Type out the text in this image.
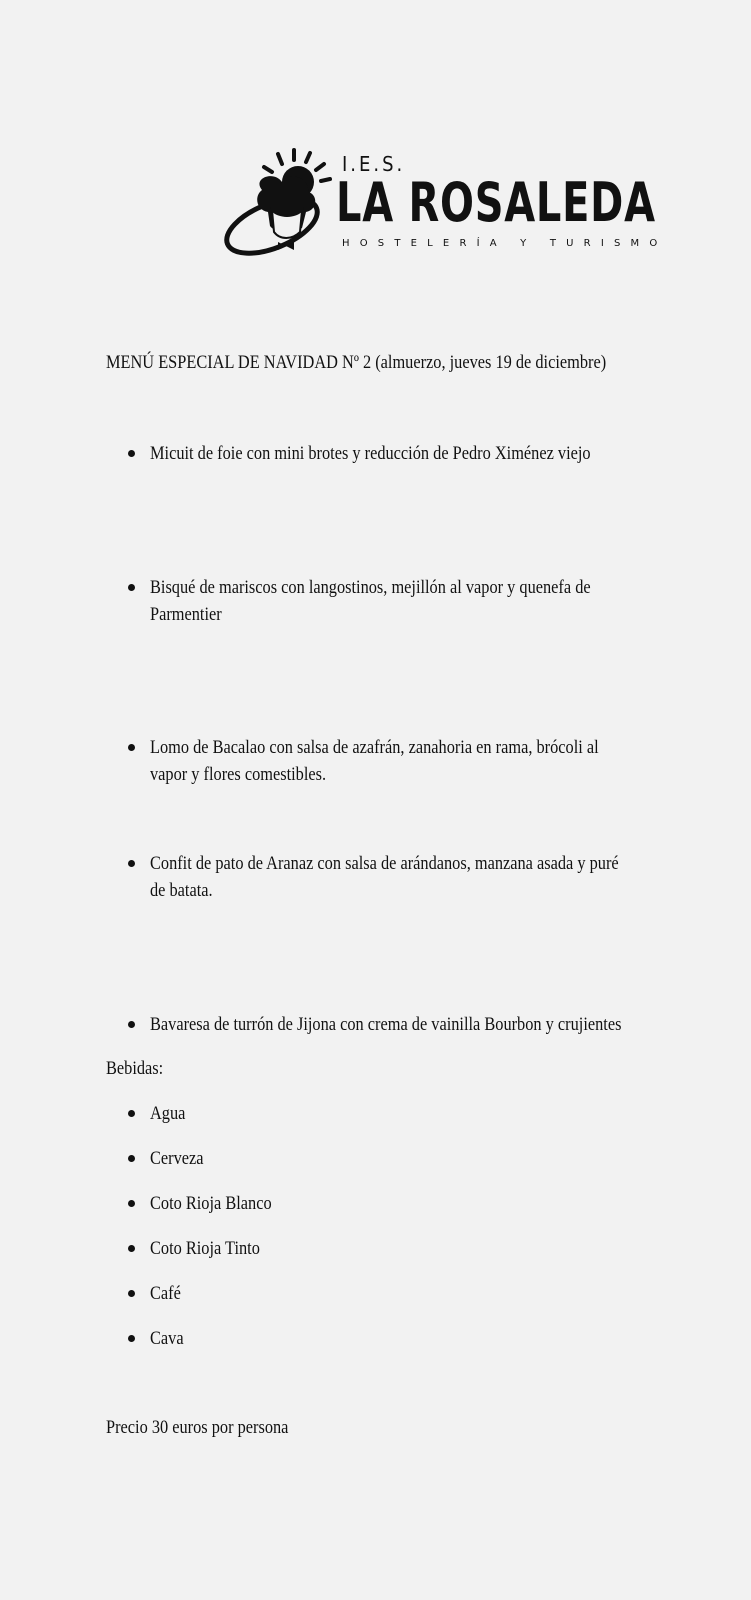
I.E.S.
LA ROSALEDA
HOSTELERÍA Y TURISMO
MENÚ ESPECIAL DE NAVIDAD Nº 2 (almuerzo, jueves 19 de diciembre)
Micuit de foie con mini brotes y reducción de Pedro Ximénez viejo
Bisqué de mariscos con langostinos, mejillón al vapor y quenefa de Parmentier
Lomo de Bacalao con salsa de azafrán, zanahoria en rama, brócoli al vapor y flores comestibles.
Confit de pato de Aranaz con salsa de arándanos, manzana asada y puré de batata.
Bavaresa de turrón de Jijona con crema de vainilla Bourbon y crujientes
Bebidas:
Agua
Cerveza
Coto Rioja Blanco
Coto Rioja Tinto
Café
Cava
Precio 30 euros por persona
